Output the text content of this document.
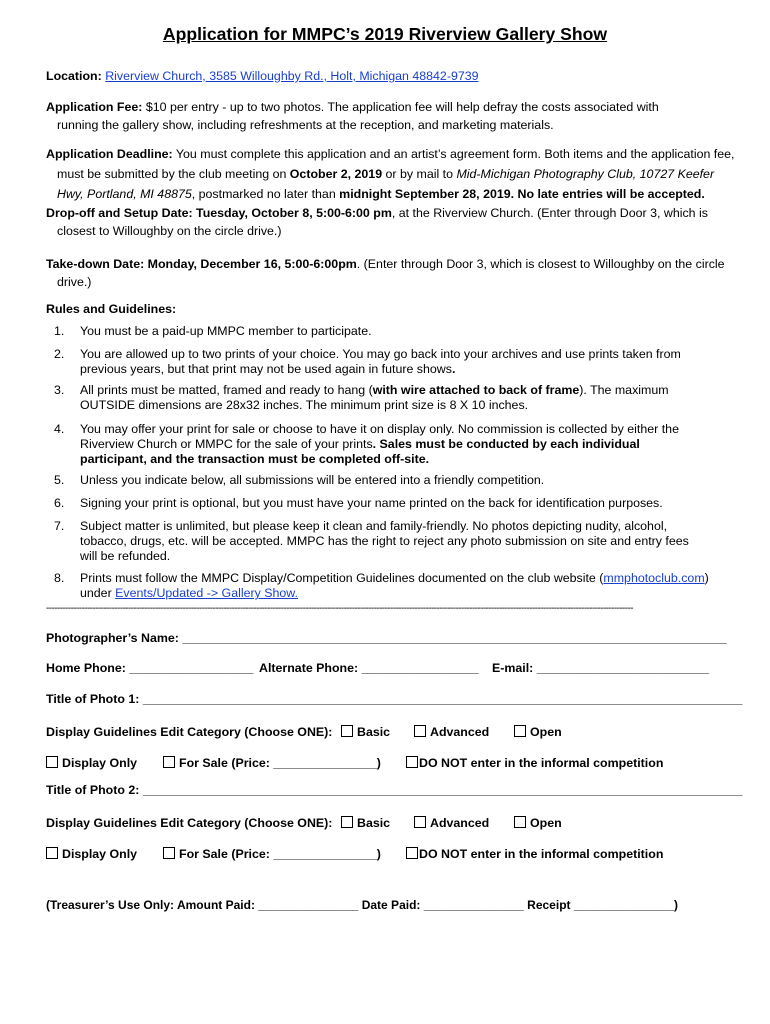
Application for MMPC’s 2019 Riverview Gallery Show
Location: Riverview Church, 3585 Willoughby Rd., Holt, Michigan 48842-9739
Application Fee: $10 per entry - up to two photos. The application fee will help defray the costs associated with
running the gallery show, including refreshments at the reception, and marketing materials.
Application Deadline: You must complete this application and an artist’s agreement form. Both items and the application fee,
must be submitted by the club meeting on October 2, 2019 or by mail to Mid-Michigan Photography Club, 10727 Keefer
Hwy, Portland, MI 48875, postmarked no later than midnight September 28, 2019. No late entries will be accepted.
Drop-off and Setup Date: Tuesday, October 8, 5:00-6:00 pm, at the Riverview Church. (Enter through Door 3, which is
closest to Willoughby on the circle drive.)
Take-down Date: Monday, December 16, 5:00-6:00pm. (Enter through Door 3, which is closest to Willoughby on the circle
drive.)
Rules and Guidelines:
1. You must be a paid-up MMPC member to participate.
2. You are allowed up to two prints of your choice. You may go back into your archives and use prints taken from
previous years, but that print may not be used again in future shows.
3. All prints must be matted, framed and ready to hang (with wire attached to back of frame). The maximum
OUTSIDE dimensions are 28x32 inches. The minimum print size is 8 X 10 inches.
4. You may offer your print for sale or choose to have it on display only. No commission is collected by either the
Riverview Church or MMPC for the sale of your prints. Sales must be conducted by each individual
participant, and the transaction must be completed off-site.
5. Unless you indicate below, all submissions will be entered into a friendly competition.
6. Signing your print is optional, but you must have your name printed on the back for identification purposes.
7. Subject matter is unlimited, but please keep it clean and family-friendly. No photos depicting nudity, alcohol,
tobacco, drugs, etc. will be accepted. MMPC has the right to reject any photo submission on site and entry fees
will be refunded.
8. Prints must follow the MMPC Display/Competition Guidelines documented on the club website (mmphotoclub.com)
under Events/Updated -> Gallery Show.
-----------------------------------------------------------------------------------------------------------------------------------------------------------------------------------------------------------------------
Photographer’s Name: _______________________________________________________________________________
Home Phone: __________________ Alternate Phone: _________________ E-mail: _________________________
Title of Photo 1: _______________________________________________________________________________________
Display Guidelines Edit Category (Choose ONE):	Basic	Advanced	Open
Display Only	For Sale (Price: _______________)	DO NOT enter in the informal competition
Title of Photo 2: _______________________________________________________________________________________
Display Guidelines Edit Category (Choose ONE):	Basic	Advanced	Open
Display Only	For Sale (Price: _______________)	DO NOT enter in the informal competition
(Treasurer’s Use Only: Amount Paid: _______________ Date Paid: _______________ Receipt _______________)
